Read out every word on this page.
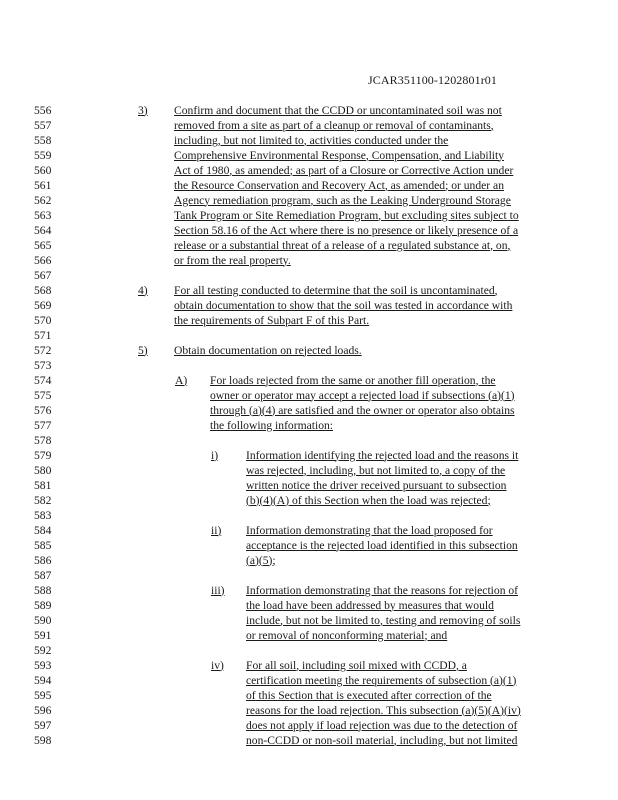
JCAR351100-1202801r01
556	3) Confirm and document that the CCDD or uncontaminated soil was not
557	removed from a site as part of a cleanup or removal of contaminants,
558	including, but not limited to, activities conducted under the
559	Comprehensive Environmental Response, Compensation, and Liability
560	Act of 1980, as amended; as part of a Closure or Corrective Action under
561	the Resource Conservation and Recovery Act, as amended; or under an
562	Agency remediation program, such as the Leaking Underground Storage
563	Tank Program or Site Remediation Program, but excluding sites subject to
564	Section 58.16 of the Act where there is no presence or likely presence of a
565	release or a substantial threat of a release of a regulated substance at, on,
566	or from the real property.
567
568	4) For all testing conducted to determine that the soil is uncontaminated,
569	obtain documentation to show that the soil was tested in accordance with
570	the requirements of Subpart F of this Part.
571
572	5) Obtain documentation on rejected loads.
573
574	A) For loads rejected from the same or another fill operation, the
575	owner or operator may accept a rejected load if subsections (a)(1)
576	through (a)(4) are satisfied and the owner or operator also obtains
577	the following information:
578
579	i) Information identifying the rejected load and the reasons it
580	was rejected, including, but not limited to, a copy of the
581	written notice the driver received pursuant to subsection
582	(b)(4)(A) of this Section when the load was rejected;
583
584	ii) Information demonstrating that the load proposed for
585	acceptance is the rejected load identified in this subsection
586	(a)(5);
587
588	iii) Information demonstrating that the reasons for rejection of
589	the load have been addressed by measures that would
590	include, but not be limited to, testing and removing of soils
591	or removal of nonconforming material; and
592
593	iv) For all soil, including soil mixed with CCDD, a
594	certification meeting the requirements of subsection (a)(1)
595	of this Section that is executed after correction of the
596	reasons for the load rejection. This subsection (a)(5)(A)(iv)
597	does not apply if load rejection was due to the detection of
598	non-CCDD or non-soil material, including, but not limited
